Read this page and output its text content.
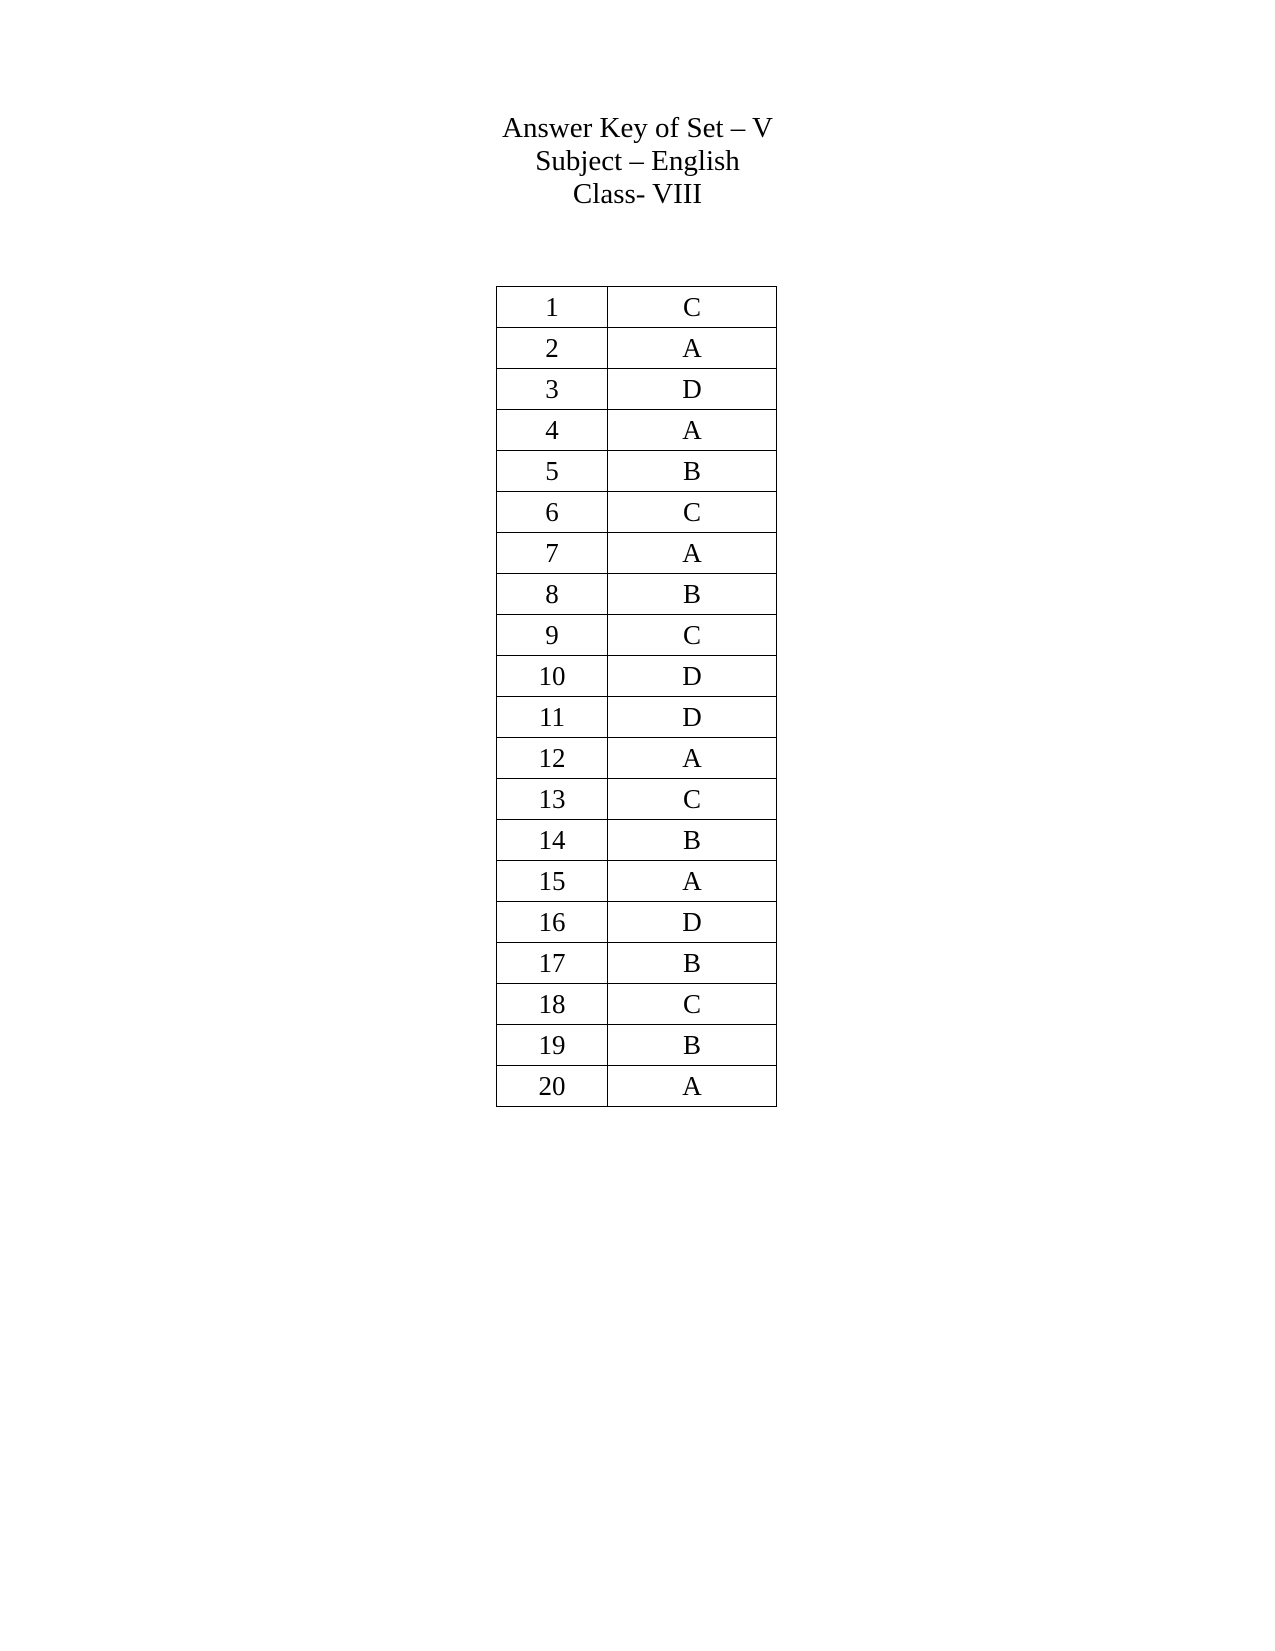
Answer Key of Set – V
Subject – English
Class- VIII
1	C
2	A
3	D
4	A
5	B
6	C
7	A
8	B
9	C
10	D
11	D
12	A
13	C
14	B
15	A
16	D
17	B
18	C
19	B
20	A
